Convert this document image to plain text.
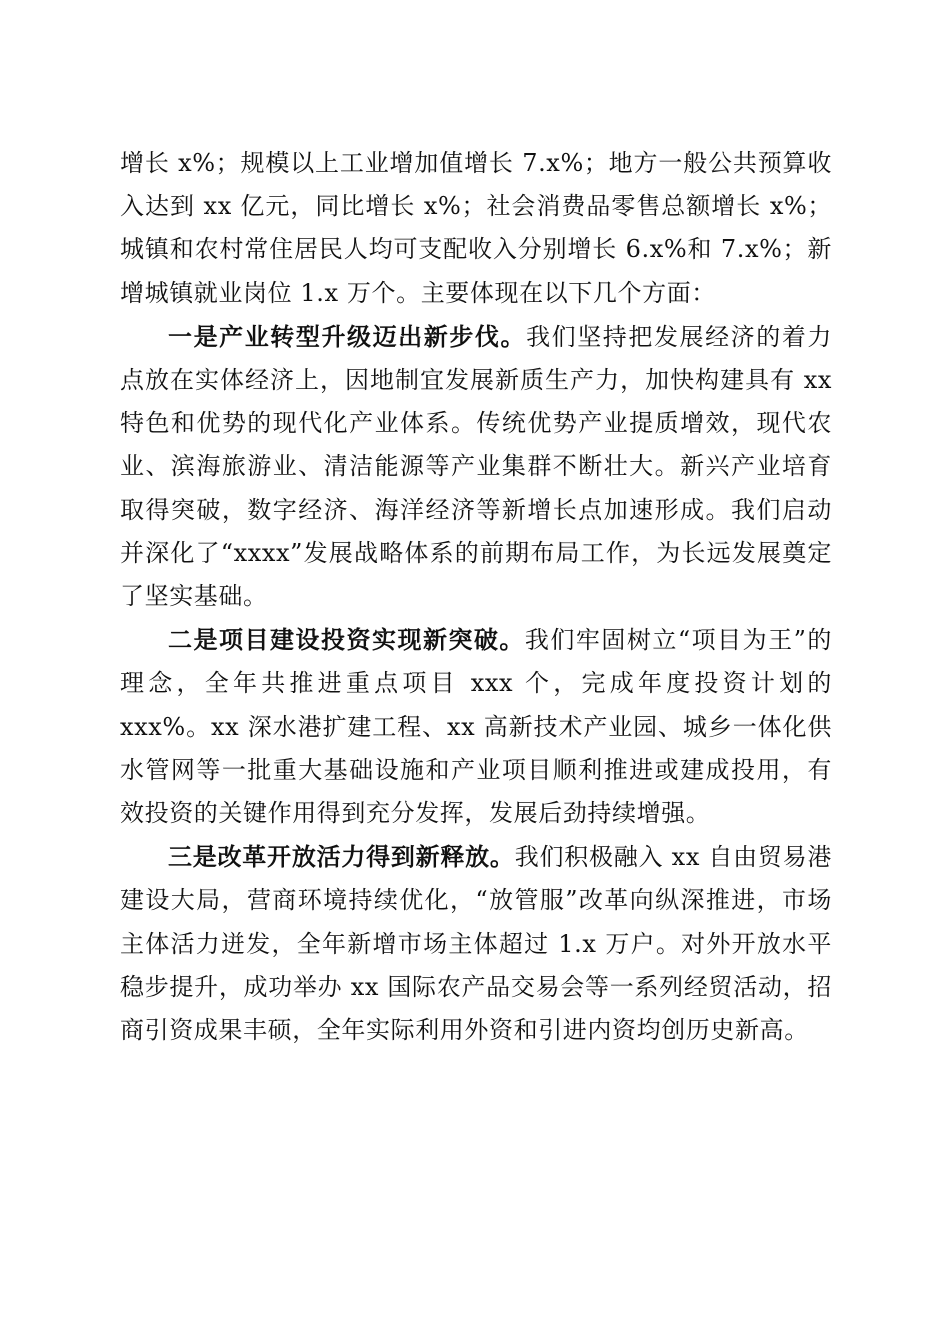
增长 x%；规模以上工业增加值增长 7.x%；地方一般公共预算收入达到 xx 亿元，同比增长 x%；社会消费品零售总额增长 x%；城镇和农村常住居民人均可支配收入分别增长 6.x%和 7.x%；新增城镇就业岗位 1.x 万个。主要体现在以下几个方面：

一是产业转型升级迈出新步伐。我们坚持把发展经济的着力点放在实体经济上，因地制宜发展新质生产力，加快构建具有 xx 特色和优势的现代化产业体系。传统优势产业提质增效，现代农业、滨海旅游业、清洁能源等产业集群不断壮大。新兴产业培育取得突破，数字经济、海洋经济等新增长点加速形成。我们启动并深化了“xxxx”发展战略体系的前期布局工作，为长远发展奠定了坚实基础。

二是项目建设投资实现新突破。我们牢固树立“项目为王”的理念，全年共推进重点项目 xxx 个，完成年度投资计划的 xxx%。xx 深水港扩建工程、xx 高新技术产业园、城乡一体化供水管网等一批重大基础设施和产业项目顺利推进或建成投用，有效投资的关键作用得到充分发挥，发展后劲持续增强。

三是改革开放活力得到新释放。我们积极融入 xx 自由贸易港建设大局，营商环境持续优化，“放管服”改革向纵深推进，市场主体活力迸发，全年新增市场主体超过 1.x 万户。对外开放水平稳步提升，成功举办 xx 国际农产品交易会等一系列经贸活动，招商引资成果丰硕，全年实际利用外资和引进内资均创历史新高。
